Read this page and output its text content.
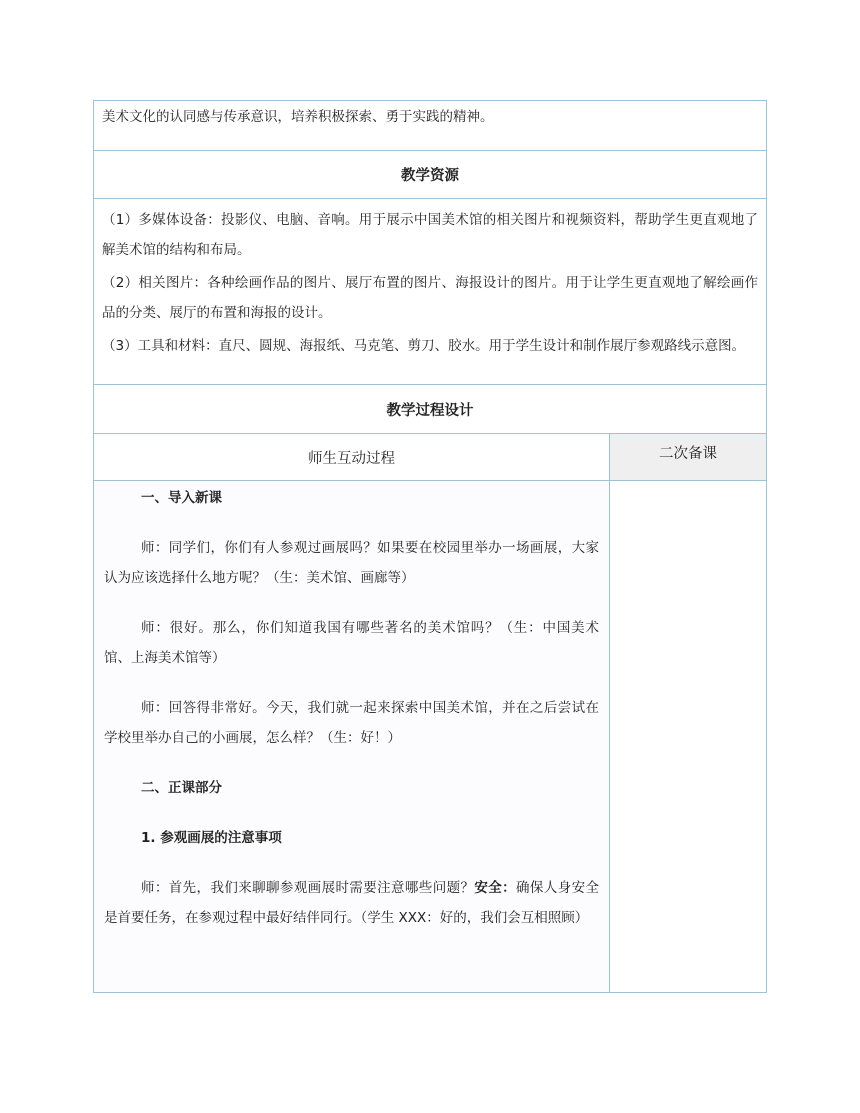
美术文化的认同感与传承意识，培养积极探索、勇于实践的精神。
教学资源

（1）多媒体设备：投影仪、电脑、音响。用于展示中国美术馆的相关图片和视频资料，帮助学生更直观地了解美术馆的结构和布局。

（2）相关图片：各种绘画作品的图片、展厅布置的图片、海报设计的图片。用于让学生更直观地了解绘画作品的分类、展厅的布置和海报的设计。

（3）工具和材料：直尺、圆规、海报纸、马克笔、剪刀、胶水。用于学生设计和制作展厅参观路线示意图。

教学过程设计
师生互动过程

一、导入新课

师：同学们，你们有人参观过画展吗？如果要在校园里举办一场画展，大家认为应该选择什么地方呢？（生：美术馆、画廊等）

师：很好。那么，你们知道我国有哪些著名的美术馆吗？（生：中国美术馆、上海美术馆等）

师：回答得非常好。今天，我们就一起来探索中国美术馆，并在之后尝试在学校里举办自己的小画展，怎么样？（生：好！）

二、正课部分

1. 参观画展的注意事项

师：首先，我们来聊聊参观画展时需要注意哪些问题？安全：确保人身安全是首要任务，在参观过程中最好结伴同行。（学生 XXX：好的，我们会互相照顾）

二次备课
